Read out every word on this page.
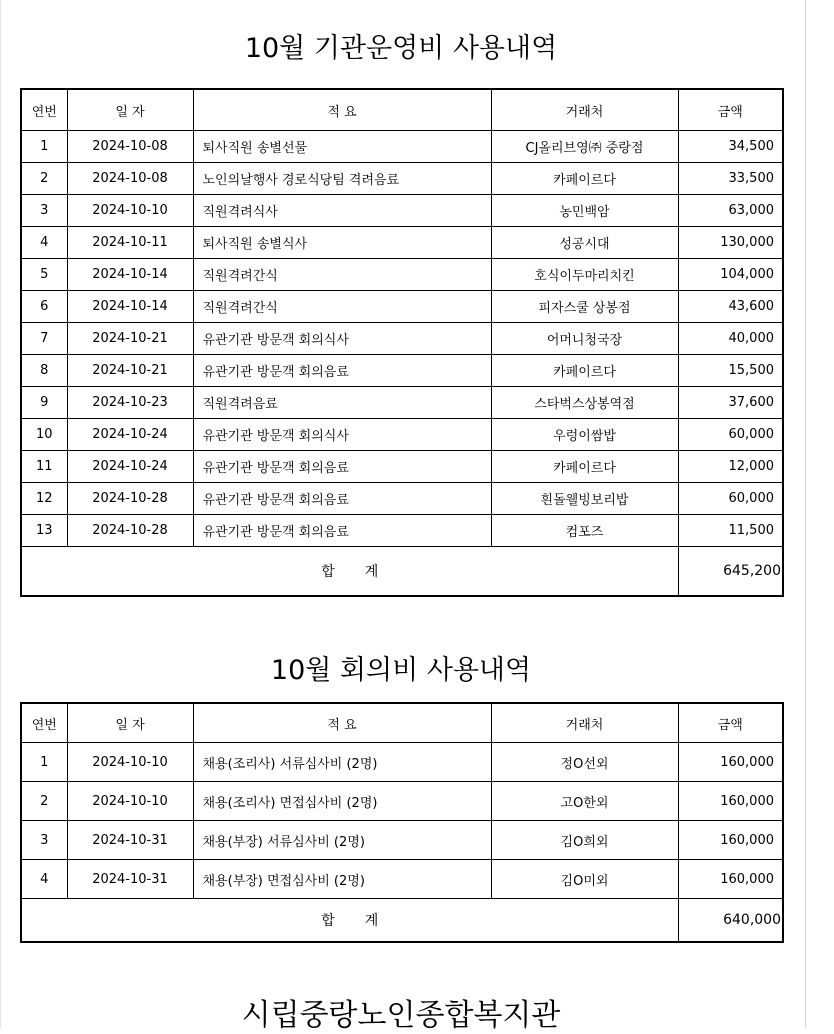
10월 기관운영비 사용내역
연번	일 자	적 요	거래처	금액
1	2024-10-08	퇴사직원 송별선물	CJ올리브영㈜ 중랑점	34,500
2	2024-10-08	노인의날행사 경로식당팀 격려음료	카페이르다	33,500
3	2024-10-10	직원격려식사	농민백암	63,000
4	2024-10-11	퇴사직원 송별식사	성공시대	130,000
5	2024-10-14	직원격려간식	호식이두마리치킨	104,000
6	2024-10-14	직원격려간식	피자스쿨 상봉점	43,600
7	2024-10-21	유관기관 방문객 회의식사	어머니청국장	40,000
8	2024-10-21	유관기관 방문객 회의음료	카페이르다	15,500
9	2024-10-23	직원격려음료	스타벅스상봉역점	37,600
10	2024-10-24	유관기관 방문객 회의식사	우렁이쌈밥	60,000
11	2024-10-24	유관기관 방문객 회의음료	카페이르다	12,000
12	2024-10-28	유관기관 방문객 회의음료	흰돌웰빙보리밥	60,000
13	2024-10-28	유관기관 방문객 회의음료	컴포즈	11,500
합 계				645,200
10월 회의비 사용내역
연번	일 자	적 요	거래처	금액
1	2024-10-10	채용(조리사) 서류심사비 (2명)	정O선외	160,000
2	2024-10-10	채용(조리사) 면접심사비 (2명)	고O한외	160,000
3	2024-10-31	채용(부장) 서류심사비 (2명)	김O희외	160,000
4	2024-10-31	채용(부장) 면접심사비 (2명)	김O미외	160,000
합 계				640,000
시립중랑노인종합복지관
